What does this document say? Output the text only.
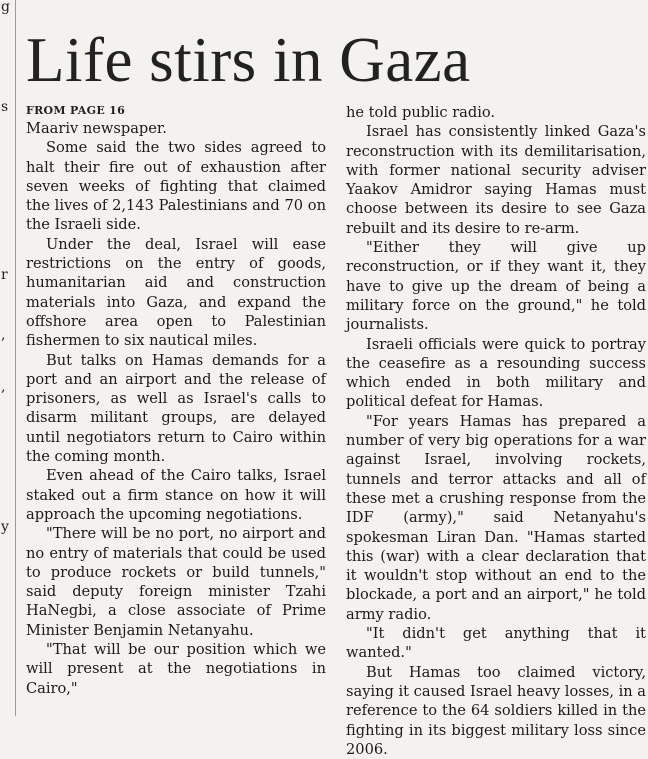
g
s
r
,
,
y
Life stirs in Gaza
FROM PAGE 16

Maariv newspaper.

Some said the two sides agreed to halt their fire out of exhaustion after seven weeks of fighting that claimed the lives of 2,143 Palestinians and 70 on the Israeli side.

Under the deal, Israel will ease restrictions on the entry of goods, humanitarian aid and construction materials into Gaza, and expand the offshore area open to Palestinian fishermen to six nautical miles.

But talks on Hamas demands for a port and an airport and the release of prisoners, as well as Israel's calls to disarm militant groups, are delayed until negotiators return to Cairo within the coming month.

Even ahead of the Cairo talks, Israel staked out a firm stance on how it will approach the upcoming negotiations.

"There will be no port, no airport and no entry of materials that could be used to produce rockets or build tunnels," said deputy foreign minister Tzahi HaNegbi, a close associate of Prime Minister Benjamin Netanyahu.

"That will be our position which we will present at the negotiations in Cairo,"

he told public radio.

Israel has consistently linked Gaza's reconstruction with its demilitarisation, with former national security adviser Yaakov Amidror saying Hamas must choose between its desire to see Gaza rebuilt and its desire to re-arm.

"Either they will give up reconstruction, or if they want it, they have to give up the dream of being a military force on the ground," he told journalists.

Israeli officials were quick to portray the ceasefire as a resounding success which ended in both military and political defeat for Hamas.

"For years Hamas has prepared a number of very big operations for a war against Israel, involving rockets, tunnels and terror attacks and all of these met a crushing response from the IDF (army)," said Netanyahu's spokesman Liran Dan. "Hamas started this (war) with a clear declaration that it wouldn't stop without an end to the blockade, a port and an airport," he told army radio.

"It didn't get anything that it wanted."

But Hamas too claimed victory, saying it caused Israel heavy losses, in a reference to the 64 soldiers killed in the fighting in its biggest military loss since 2006.
